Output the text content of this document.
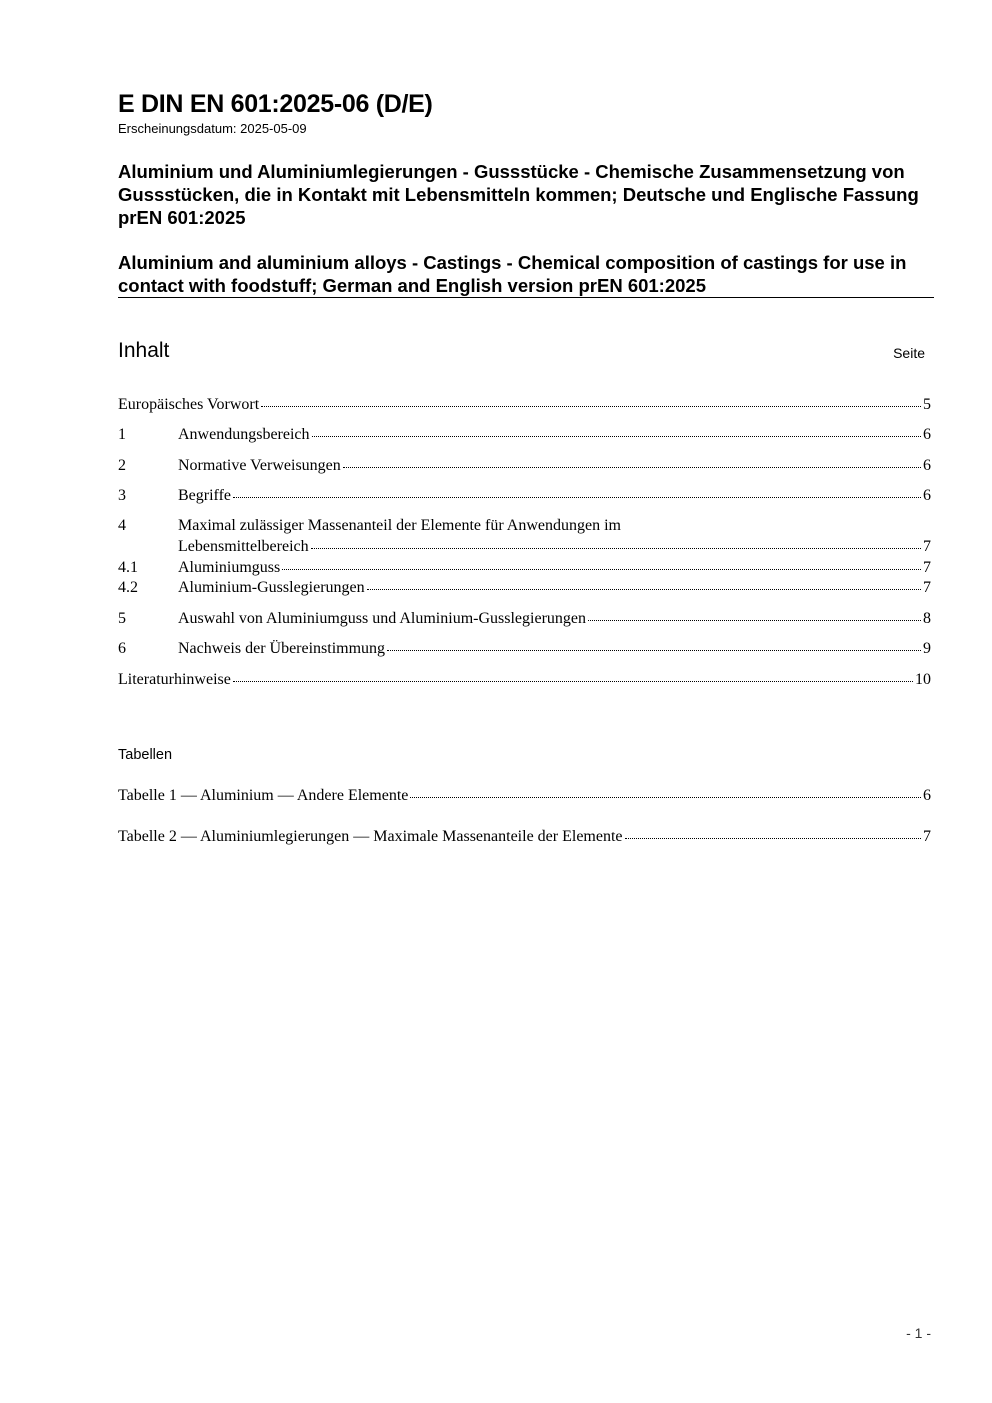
E DIN EN 601:2025-06 (D/E)
Erscheinungsdatum: 2025-05-09
Aluminium und Aluminiumlegierungen - Gussstücke - Chemische Zusammensetzung von Gussstücken, die in Kontakt mit Lebensmitteln kommen; Deutsche und Englische Fassung prEN 601:2025
Aluminium and aluminium alloys - Castings - Chemical composition of castings for use in contact with foodstuff; German and English version prEN 601:2025
Inhalt	Seite
Europäisches Vorwort	5
1	Anwendungsbereich	6
2	Normative Verweisungen	6
3	Begriffe	6
4	Maximal zulässiger Massenanteil der Elemente für Anwendungen im
Lebensmittelbereich	7
4.1	Aluminiumguss	7
4.2	Aluminium-Gusslegierungen	7
5	Auswahl von Aluminiumguss und Aluminium-Gusslegierungen	8
6	Nachweis der Übereinstimmung	9
Literaturhinweise	10
Tabelle 1 — Aluminium — Andere Elemente	6
Tabelle 2 — Aluminiumlegierungen — Maximale Massenanteile der Elemente	7
Tabellen
- 1 -
